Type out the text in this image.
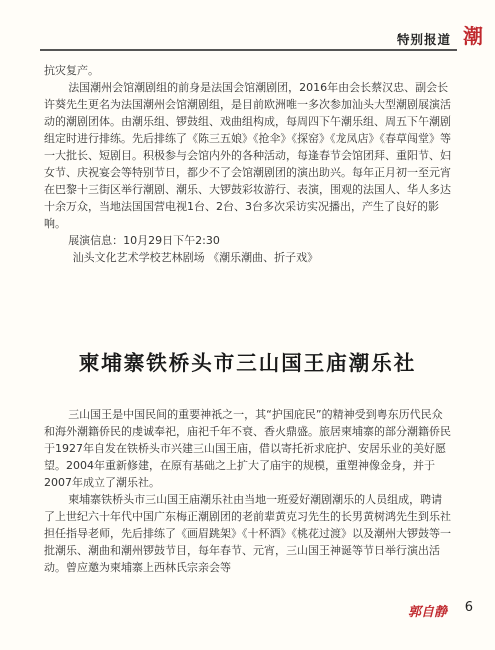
特别报道 潮

抗灾复产。

法国潮州会馆潮剧组的前身是法国会馆潮剧团，2016年由会长蔡汉忠、副会长许葵先生更名为法国潮州会馆潮剧组，是目前欧洲唯一多次参加汕头大型潮剧展演活动的潮剧团体。由潮乐组、锣鼓组、戏曲组构成，每周四下午潮乐组、周五下午潮剧组定时进行排练。先后排练了《陈三五娘》《抢伞》《探窑》《龙凤店》《春草闯堂》等一大批长、短剧目。积极参与会馆内外的各种活动，每逢春节会馆团拜、重阳节、妇女节、庆祝宴会等特别节日，都少不了会馆潮剧团的演出助兴。每年正月初一至元宵在巴黎十三街区举行潮剧、潮乐、大锣鼓彩妆游行、表演，围观的法国人、华人多达十余万众，当地法国国营电视1台、2台、3台多次采访实况播出，产生了良好的影响。

展演信息：10月29日下午2:30

汕头文化艺术学校艺林剧场 《潮乐潮曲、折子戏》

柬埔寨铁桥头市三山国王庙潮乐社

三山国王是中国民间的重要神祇之一，其“护国庇民”的精神受到粤东历代民众和海外潮籍侨民的虔诚奉祀，庙祀千年不衰、香火鼎盛。旅居柬埔寨的部分潮籍侨民于1927年自发在铁桥头市兴建三山国王庙，借以寄托祈求庇护、安居乐业的美好愿望。2004年重新修建，在原有基础之上扩大了庙宇的规模，重塑神像金身，并于2007年成立了潮乐社。

柬埔寨铁桥头市三山国王庙潮乐社由当地一班爱好潮剧潮乐的人员组成，聘请了上世纪六十年代中国广东梅正潮剧团的老前辈黄克习先生的长男黄树鸿先生到乐社担任指导老师，先后排练了《画眉跳架》《十杯酒》《桃花过渡》以及潮州大锣鼓等一批潮乐、潮曲和潮州锣鼓节目，每年春节、元宵，三山国王神诞等节日举行演出活动。曾应邀为柬埔寨上西林氏宗亲会等

郭自静 6
